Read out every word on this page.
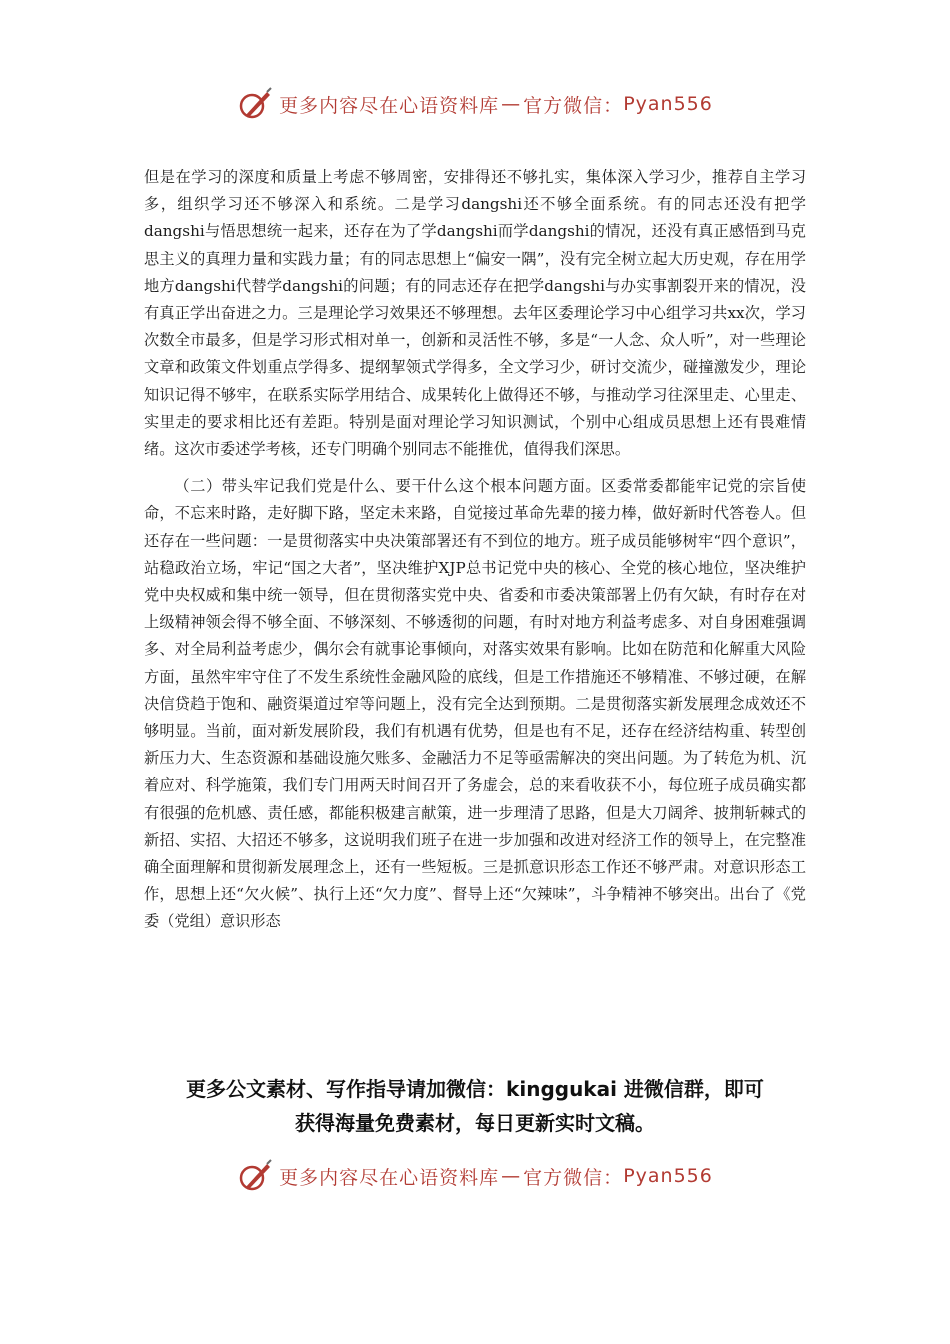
更多内容尽在心语资料库 — 官方微信： Pyan556

但是在学习的深度和质量上考虑不够周密，安排得还不够扎实，集体深入学习少，推荐自主学习多，组织学习还不够深入和系统。二是学习dangshi还不够全面系统。有的同志还没有把学dangshi与悟思想统一起来，还存在为了学dangshi而学dangshi的情况，还没有真正感悟到马克思主义的真理力量和实践力量；有的同志思想上“偏安一隅”，没有完全树立起大历史观，存在用学地方dangshi代替学dangshi的问题；有的同志还存在把学dangshi与办实事割裂开来的情况，没有真正学出奋进之力。三是理论学习效果还不够理想。去年区委理论学习中心组学习共xx次，学习次数全市最多，但是学习形式相对单一，创新和灵活性不够，多是“一人念、众人听”，对一些理论文章和政策文件划重点学得多、提纲挈领式学得多，全文学习少，研讨交流少，碰撞激发少，理论知识记得不够牢，在联系实际学用结合、成果转化上做得还不够，与推动学习往深里走、心里走、实里走的要求相比还有差距。特别是面对理论学习知识测试，个别中心组成员思想上还有畏难情绪。这次市委述学考核，还专门明确个别同志不能推优，值得我们深思。

（二）带头牢记我们党是什么、要干什么这个根本问题方面。区委常委都能牢记党的宗旨使命，不忘来时路，走好脚下路，坚定未来路，自觉接过革命先辈的接力棒，做好新时代答卷人。但还存在一些问题：一是贯彻落实中央决策部署还有不到位的地方。班子成员能够树牢“四个意识”，站稳政治立场，牢记“国之大者”，坚决维护XJP总书记党中央的核心、全党的核心地位，坚决维护党中央权威和集中统一领导，但在贯彻落实党中央、省委和市委决策部署上仍有欠缺，有时存在对上级精神领会得不够全面、不够深刻、不够透彻的问题，有时对地方利益考虑多、对自身困难强调多、对全局利益考虑少，偶尔会有就事论事倾向，对落实效果有影响。比如在防范和化解重大风险方面，虽然牢牢守住了不发生系统性金融风险的底线，但是工作措施还不够精准、不够过硬，在解决信贷趋于饱和、融资渠道过窄等问题上，没有完全达到预期。二是贯彻落实新发展理念成效还不够明显。当前，面对新发展阶段，我们有机遇有优势，但是也有不足，还存在经济结构重、转型创新压力大、生态资源和基础设施欠账多、金融活力不足等亟需解决的突出问题。为了转危为机、沉着应对、科学施策，我们专门用两天时间召开了务虚会，总的来看收获不小，每位班子成员确实都有很强的危机感、责任感，都能积极建言献策，进一步理清了思路，但是大刀阔斧、披荆斩棘式的新招、实招、大招还不够多，这说明我们班子在进一步加强和改进对经济工作的领导上，在完整准确全面理解和贯彻新发展理念上，还有一些短板。三是抓意识形态工作还不够严肃。对意识形态工作，思想上还“欠火候”、执行上还“欠力度”、督导上还“欠辣味”，斗争精神不够突出。出台了《党委（党组）意识形态

更多公文素材、写作指导请加微信：kinggukai 进微信群，即可
获得海量免费素材，每日更新实时文稿。
更多内容尽在心语资料库 — 官方微信： Pyan556
